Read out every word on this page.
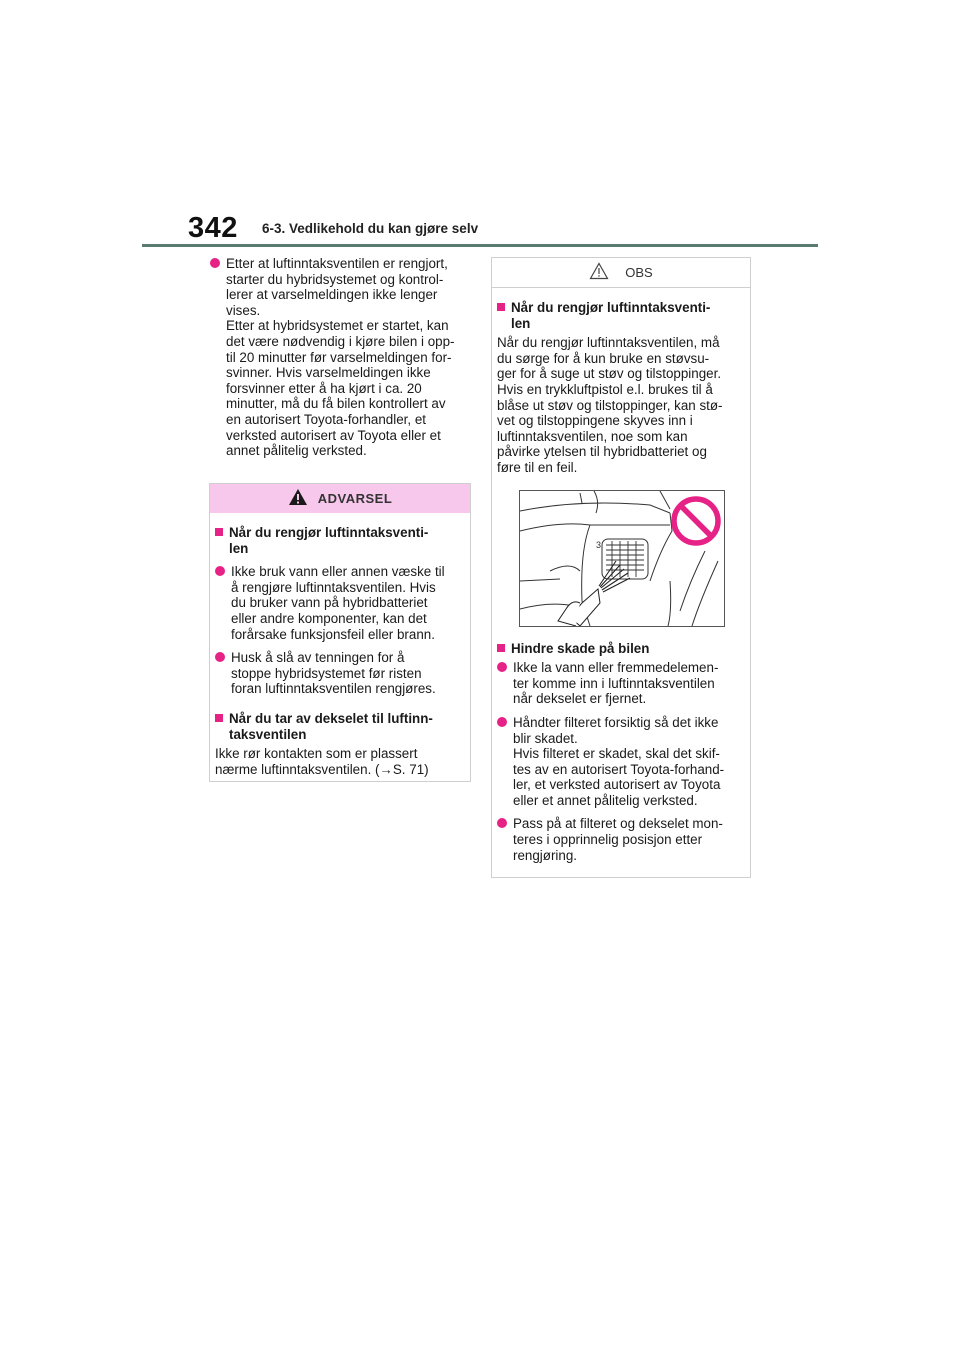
342 6-3. Vedlikehold du kan gjøre selv
Etter at luftinntaksventilen er rengjort,
starter du hybridsystemet og kontrol-
lerer at varselmeldingen ikke lenger
vises.
Etter at hybridsystemet er startet, kan
det være nødvendig i kjøre bilen i opp-
til 20 minutter før varselmeldingen for-
svinner. Hvis varselmeldingen ikke
forsvinner etter å ha kjørt i ca. 20
minutter, må du få bilen kontrollert av
en autorisert Toyota-forhandler, et
verksted autorisert av Toyota eller et
annet pålitelig verksted.
ADVARSEL
Når du rengjør luftinntaksventi-
len
Ikke bruk vann eller annen væske til
å rengjøre luftinntaksventilen. Hvis
du bruker vann på hybridbatteriet
eller andre komponenter, kan det
forårsake funksjonsfeil eller brann.
Husk å slå av tenningen for å
stoppe hybridsystemet før risten
foran luftinntaksventilen rengjøres.
Når du tar av dekselet til luftinn-
taksventilen
Ikke rør kontakten som er plassert
nærme luftinntaksventilen. (→S. 71)
OBS
Når du rengjør luftinntaksventi-
len
Når du rengjør luftinntaksventilen, må
du sørge for å kun bruke en støvsu-
ger for å suge ut støv og tilstoppinger.
Hvis en trykkluftpistol e.l. brukes til å
blåse ut støv og tilstoppinger, kan stø-
vet og tilstoppingene skyves inn i
luftinntaksventilen, noe som kan
påvirke ytelsen til hybridbatteriet og
føre til en feil.
3
Hindre skade på bilen
Ikke la vann eller fremmedelemen-
ter komme inn i luftinntaksventilen
når dekselet er fjernet.
Håndter filteret forsiktig så det ikke
blir skadet.
Hvis filteret er skadet, skal det skif-
tes av en autorisert Toyota-forhand-
ler, et verksted autorisert av Toyota
eller et annet pålitelig verksted.
Pass på at filteret og dekselet mon-
teres i opprinnelig posisjon etter
rengjøring.
